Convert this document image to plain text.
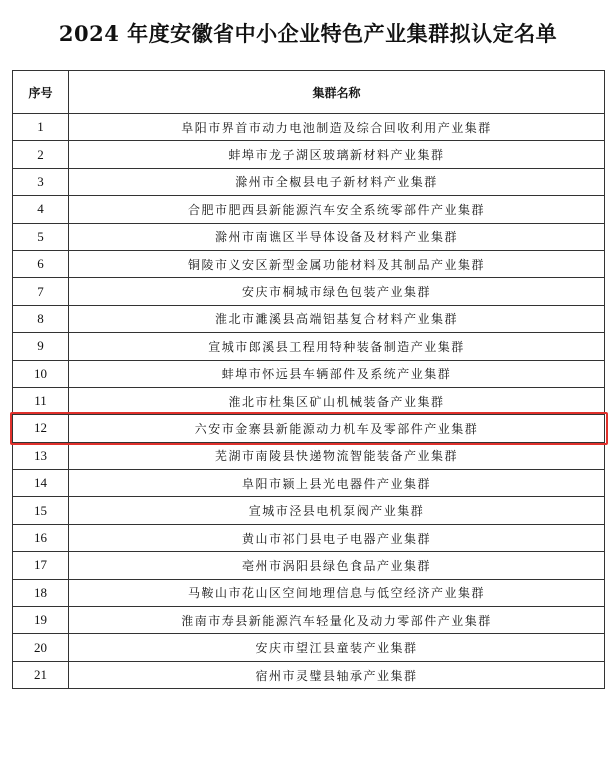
2024 年度安徽省中小企业特色产业集群拟认定名单
序号	集群名称
1	阜阳市界首市动力电池制造及综合回收利用产业集群
2	蚌埠市龙子湖区玻璃新材料产业集群
3	滁州市全椒县电子新材料产业集群
4	合肥市肥西县新能源汽车安全系统零部件产业集群
5	滁州市南谯区半导体设备及材料产业集群
6	铜陵市义安区新型金属功能材料及其制品产业集群
7	安庆市桐城市绿色包装产业集群
8	淮北市濉溪县高端铝基复合材料产业集群
9	宣城市郎溪县工程用特种装备制造产业集群
10	蚌埠市怀远县车辆部件及系统产业集群
11	淮北市杜集区矿山机械装备产业集群
12	六安市金寨县新能源动力机车及零部件产业集群
13	芜湖市南陵县快递物流智能装备产业集群
14	阜阳市颍上县光电器件产业集群
15	宣城市泾县电机泵阀产业集群
16	黄山市祁门县电子电器产业集群
17	亳州市涡阳县绿色食品产业集群
18	马鞍山市花山区空间地理信息与低空经济产业集群
19	淮南市寿县新能源汽车轻量化及动力零部件产业集群
20	安庆市望江县童装产业集群
21	宿州市灵璧县轴承产业集群
